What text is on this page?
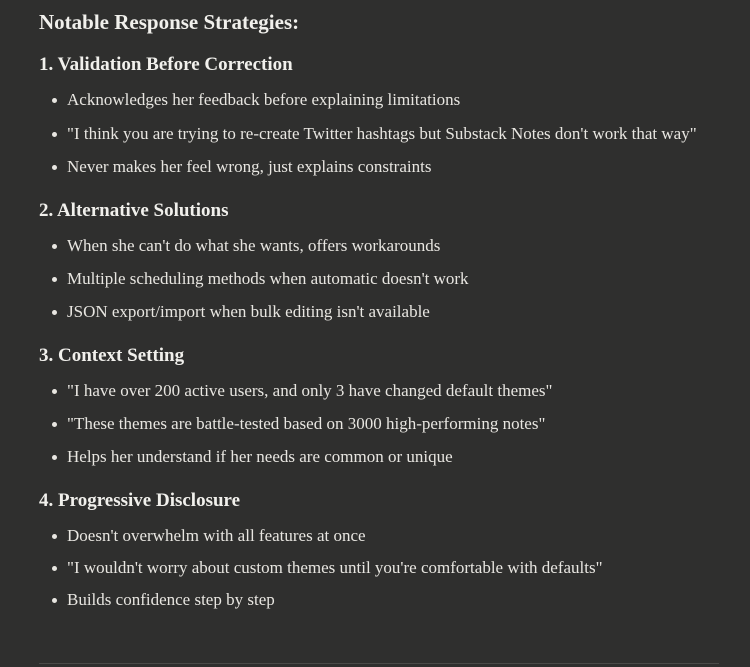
Notable Response Strategies:
1. Validation Before Correction
Acknowledges her feedback before explaining limitations
"I think you are trying to re-create Twitter hashtags but Substack Notes don't work that way"
Never makes her feel wrong, just explains constraints
2. Alternative Solutions
When she can't do what she wants, offers workarounds
Multiple scheduling methods when automatic doesn't work
JSON export/import when bulk editing isn't available
3. Context Setting
"I have over 200 active users, and only 3 have changed default themes"
"These themes are battle-tested based on 3000 high-performing notes"
Helps her understand if her needs are common or unique
4. Progressive Disclosure
Doesn't overwhelm with all features at once
"I wouldn't worry about custom themes until you're comfortable with defaults"
Builds confidence step by step
